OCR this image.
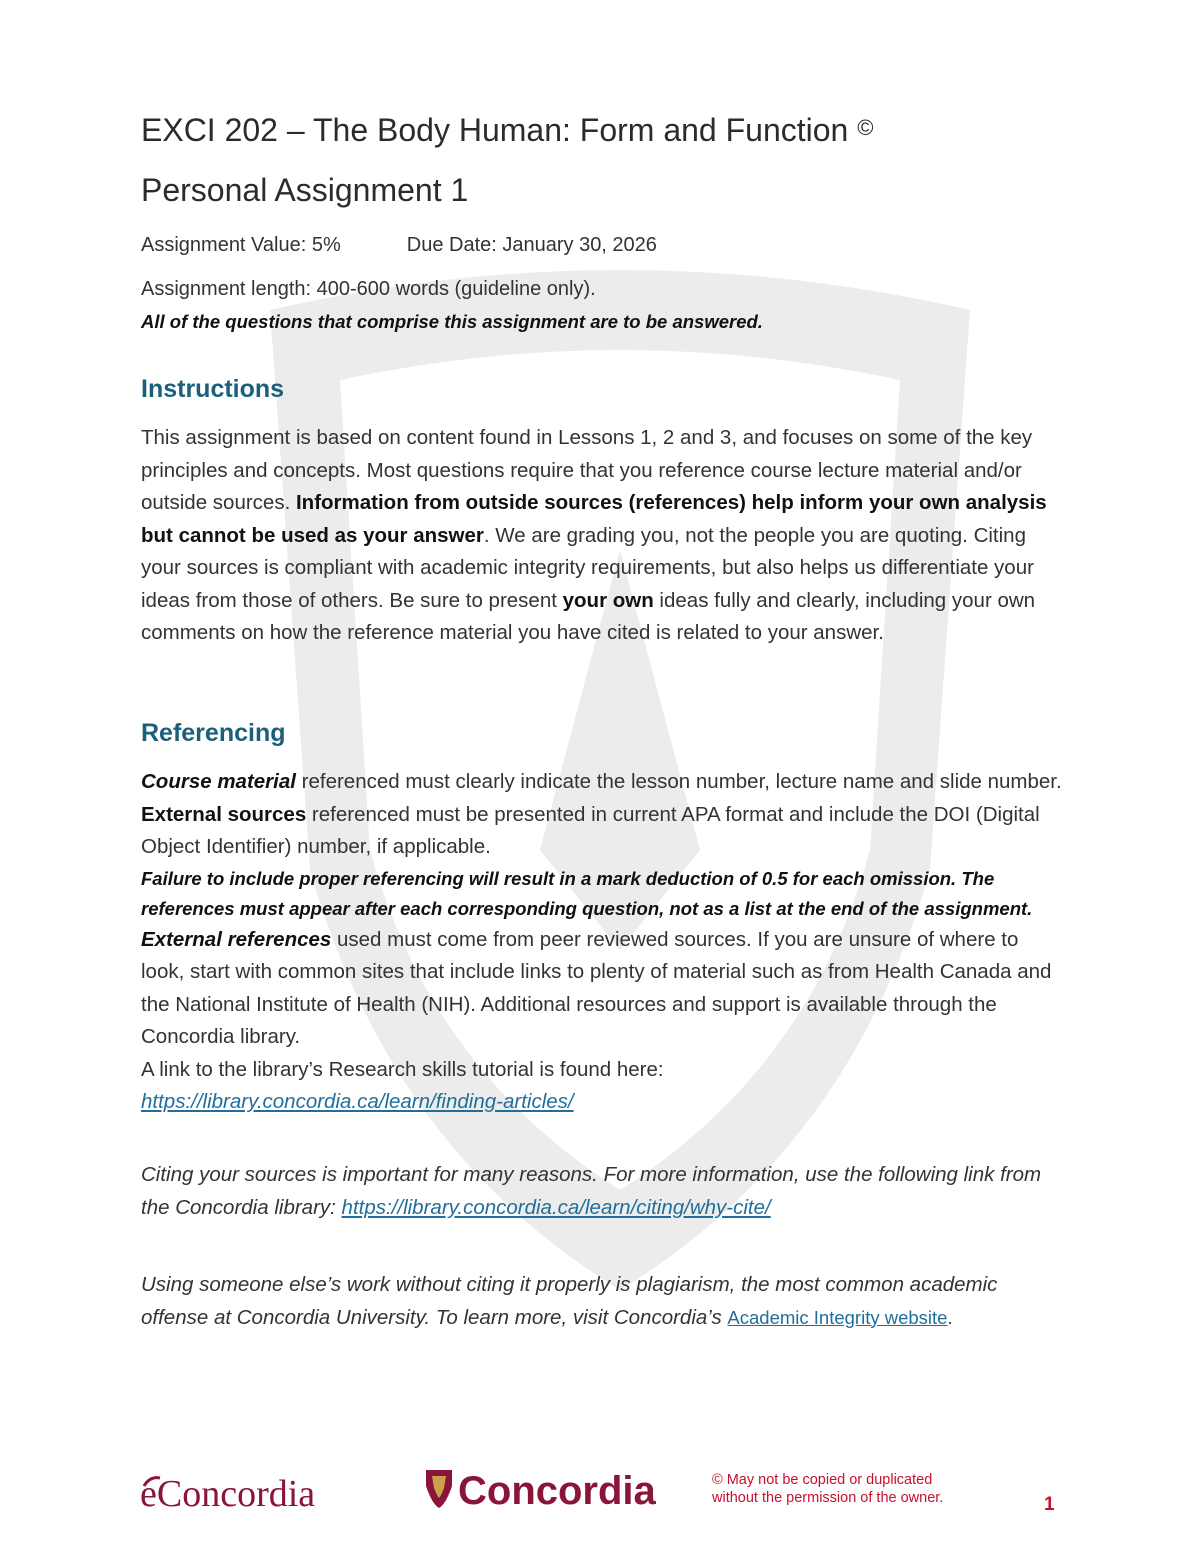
EXCI 202 – The Body Human: Form and Function ©
Personal Assignment 1
Assignment Value: 5%	Due Date: January 30, 2026
Assignment length: 400-600 words (guideline only).
All of the questions that comprise this assignment are to be answered.
Instructions
This assignment is based on content found in Lessons 1, 2 and 3, and focuses on some of the key principles and concepts. Most questions require that you reference course lecture material and/or outside sources. Information from outside sources (references) help inform your own analysis but cannot be used as your answer. We are grading you, not the people you are quoting. Citing your sources is compliant with academic integrity requirements, but also helps us differentiate your ideas from those of others. Be sure to present your own ideas fully and clearly, including your own comments on how the reference material you have cited is related to your answer.
Referencing
Course material referenced must clearly indicate the lesson number, lecture name and slide number. External sources referenced must be presented in current APA format and include the DOI (Digital Object Identifier) number, if applicable.
Failure to include proper referencing will result in a mark deduction of 0.5 for each omission. The references must appear after each corresponding question, not as a list at the end of the assignment.
External references used must come from peer reviewed sources. If you are unsure of where to look, start with common sites that include links to plenty of material such as from Health Canada and the National Institute of Health (NIH). Additional resources and support is available through the Concordia library.
A link to the library’s Research skills tutorial is found here:
https://library.concordia.ca/learn/finding-articles/
Citing your sources is important for many reasons. For more information, use the following link from the Concordia library: https://library.concordia.ca/learn/citing/why-cite/
Using someone else’s work without citing it properly is plagiarism, the most common academic offense at Concordia University. To learn more, visit Concordia’s Academic Integrity website.
eConcordia	Concordia	© May not be copied or duplicated
without the permission of the owner.	1
